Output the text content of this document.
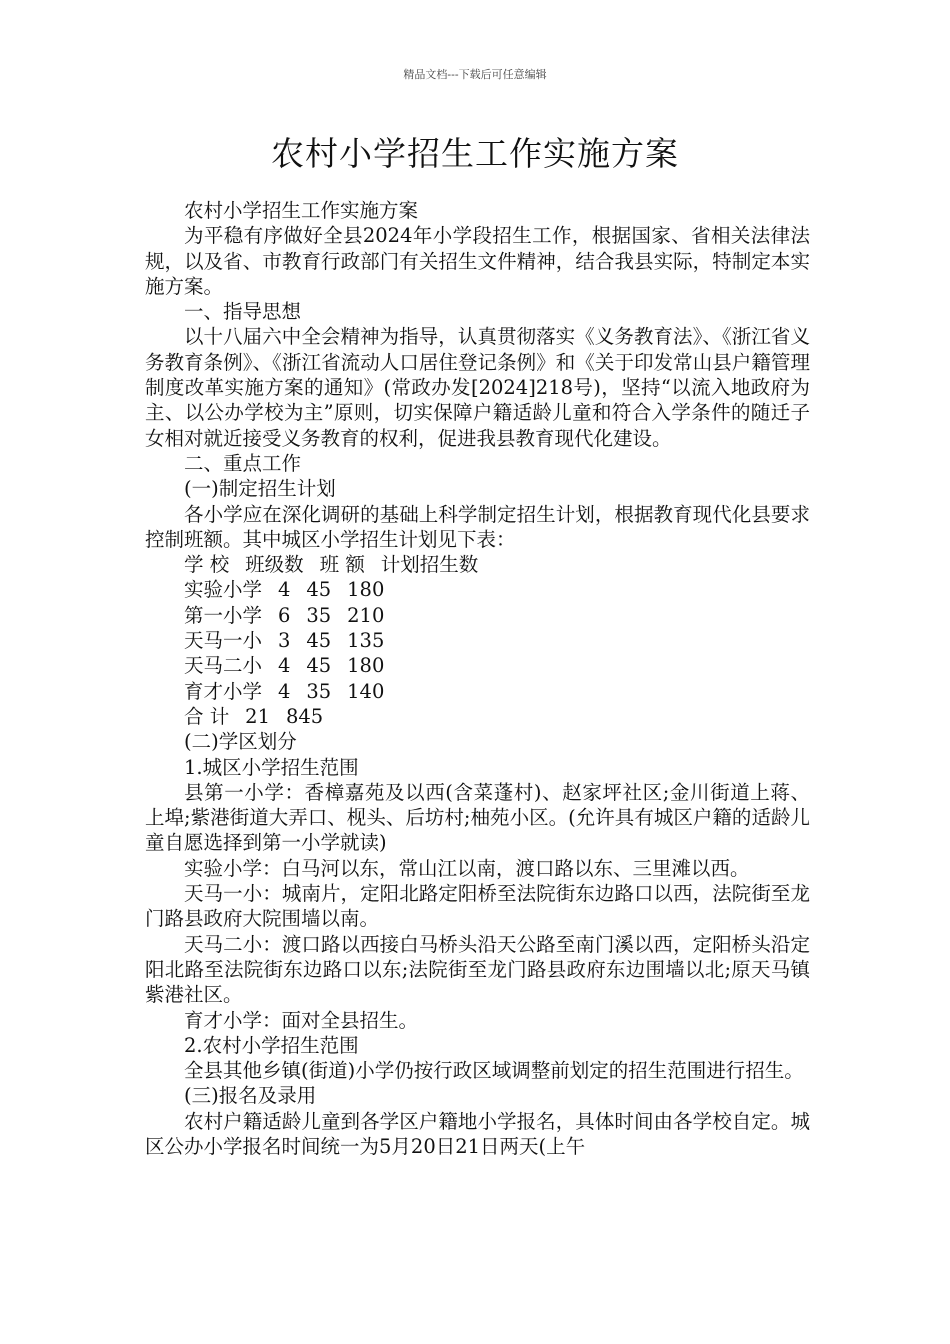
精品文档---下载后可任意编辑
农村小学招生工作实施方案

农村小学招生工作实施方案

为平稳有序做好全县2024年小学段招生工作，根据国家、省相关法律法规，以及省、市教育行政部门有关招生文件精神，结合我县实际，特制定本实施方案。

一、指导思想

以十八届六中全会精神为指导，认真贯彻落实《义务教育法》、《浙江省义务教育条例》、《浙江省流动人口居住登记条例》和《关于印发常山县户籍管理制度改革实施方案的通知》(常政办发[2024]218号)，坚持“以流入地政府为主、以公办学校为主”原则，切实保障户籍适龄儿童和符合入学条件的随迁子女相对就近接受义务教育的权利，促进我县教育现代化建设。

二、重点工作

(一)制定招生计划

各小学应在深化调研的基础上科学制定招生计划，根据教育现代化县要求控制班额。其中城区小学招生计划见下表：

学 校 班级数 班 额 计划招生数

实验小学 4 45 180

第一小学 6 35 210

天马一小 3 45 135

天马二小 4 45 180

育才小学 4 35 140

合 计 21 845

(二)学区划分

1.城区小学招生范围

县第一小学：香樟嘉苑及以西(含菜蓬村)、赵家坪社区;金川街道上蒋、上埠;紫港街道大弄口、枧头、后坊村;柚苑小区。(允许具有城区户籍的适龄儿童自愿选择到第一小学就读)

实验小学：白马河以东，常山江以南，渡口路以东、三里滩以西。

天马一小：城南片，定阳北路定阳桥至法院街东边路口以西，法院街至龙门路县政府大院围墙以南。

天马二小：渡口路以西接白马桥头沿天公路至南门溪以西，定阳桥头沿定阳北路至法院街东边路口以东;法院街至龙门路县政府东边围墙以北;原天马镇紫港社区。

育才小学：面对全县招生。

2.农村小学招生范围

全县其他乡镇(街道)小学仍按行政区域调整前划定的招生范围进行招生。

(三)报名及录用

农村户籍适龄儿童到各学区户籍地小学报名，具体时间由各学校自定。城区公办小学报名时间统一为5月20日21日两天(上午
